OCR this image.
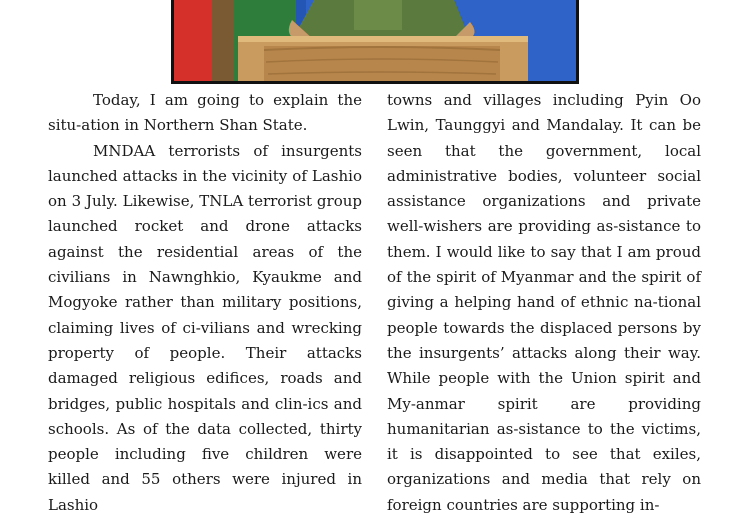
Today, I am going to explain the situ-ation in Northern Shan State.

MNDAA terrorists of insurgents launched attacks in the vicinity of Lashio on 3 July. Likewise, TNLA terrorist group launched rocket and drone attacks against the residential areas of the civilians in Nawnghkio, Kyaukme and Mogyoke rather than military positions, claiming lives of ci-vilians and wrecking property of people. Their attacks damaged religious edifices, roads and bridges, public hospitals and clin-ics and schools. As of the data collected, thirty people including five children were killed and 55 others were injured in Lashio

towns and villages including Pyin Oo Lwin, Taunggyi and Mandalay. It can be seen that the government, local administrative bodies, volunteer social assistance organizations and private well-wishers are providing as-sistance to them. I would like to say that I am proud of the spirit of Myanmar and the spirit of giving a helping hand of ethnic na-tional people towards the displaced persons by the insurgents’ attacks along their way. While people with the Union spirit and My-anmar spirit are providing humanitarian as-sistance to the victims, it is disappointed to see that exiles, organizations and media that rely on foreign countries are supporting in-
